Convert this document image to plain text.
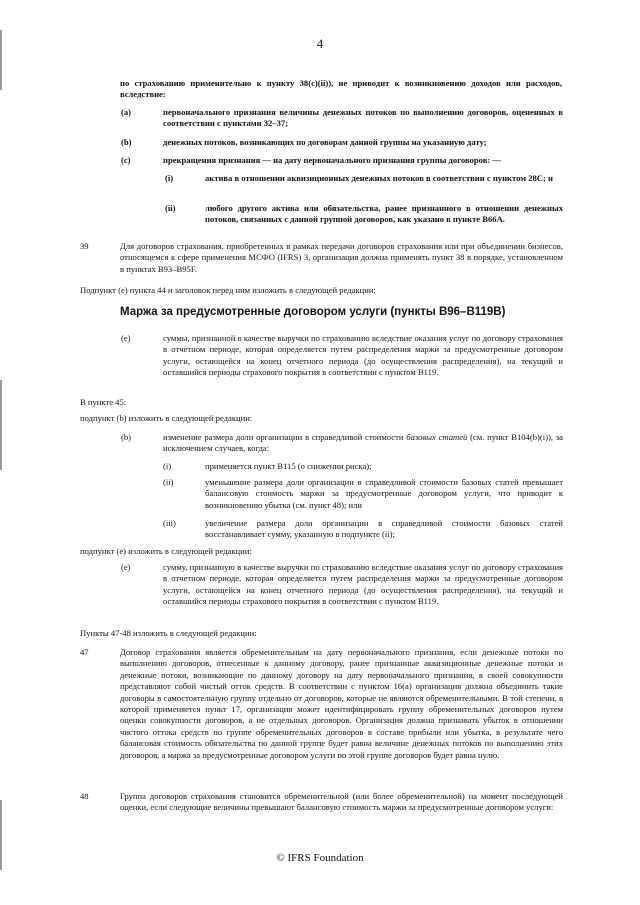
4
по страхованию применительно к пункту 38(c)(ii)), не приводит к возникновению доходов или расходов, вследствие:
(a)	первоначального признания величины денежных потоков по выполнению договоров, оцененных в соответствии с пунктами 32–37;
(b)	денежных потоков, возникающих по договорам данной группы на указанную дату;
(c)	прекращения признания — на дату первоначального признания группы договоров: —
(i)	актива в отношении аквизиционных денежных потоков в соответствии с пунктом 28С; и
(ii)	любого другого актива или обязательства, ранее признанного в отношении денежных потоков, связанных с данной группой договоров, как указано в пункте B66A.
39	Для договоров страхования, приобретенных в рамках передачи договоров страхования или при объединении бизнесов, относящемся к сфере применения МСФО (IFRS) 3, организация должна применять пункт 38 в порядке, установленном в пунктах B93–B95F.
Подпункт (e) пункта 44 и заголовок перед ним изложить в следующей редакции:
Маржа за предусмотренные договором услуги (пункты B96–B119B)
(e)	суммы, признанной в качестве выручки по страхованию вследствие оказания услуг по договору страхования в отчетном периоде, которая определяется путем распределения маржи за предусмотренные договором услуги, остающейся на конец отчетного периода (до осуществления распределения), на текущий и оставшийся периоды страхового покрытия в соответствии с пунктом B119.
В пункте 45:
подпункт (b) изложить в следующей редакции:
(b)	изменение размера доли организации в справедливой стоимости базовых статей (см. пункт B104(b)(i)), за исключением случаев, когда:
(i)	применяется пункт B115 (о снижении риска);
(ii)	уменьшение размера доли организации в справедливой стоимости базовых статей превышает балансовую стоимость маржи за предусмотренные договором услуги, что приводит к возникновению убытка (см. пункт 48); или
(iii)	увеличение размера доли организации в справедливой стоимости базовых статей восстанавливает сумму, указанную в подпункте (ii);
подпункт (e) изложить в следующей редакции:
(e)	сумму, признанную в качестве выручки по страхованию вследствие оказания услуг по договору страхования в отчетном периоде, которая определяется путем распределения маржи за предусмотренные договором услуги, остающейся на конец отчетного периода (до осуществления распределения), на текущий и оставшийся периоды страхового покрытия в соответствии с пунктом B119.
Пункты 47-48 изложить в следующей редакции:
47	Договор страхования является обременительным на дату первоначального признания, если денежные потоки по выполнению договоров, отнесенные к данному договору, ранее признанные аквизиционные денежные потоки и денежные потоки, возникающие по данному договору на дату первоначального признания, в своей совокупности представляют собой чистый отток средств. В соответствии с пунктом 16(a) организация должна объединить такие договоры в самостоятельную группу отдельно от договоров, которые не являются обременительными. В той степени, в которой применяется пункт 17, организация может идентифицировать группу обременительных договоров путем оценки совокупности договоров, а не отдельных договоров. Организация должна признавать убыток в отношении чистого оттока средств по группе обременительных договоров в составе прибыли или убытка, в результате чего балансовая стоимость обязательства по данной группе будет равна величине денежных потоков по выполнению этих договоров, а маржа за предусмотренные договором услуги по этой группе договоров будет равна нулю.
48	Группа договоров страхования становится обременительной (или более обременительной) на момент последующей оценки, если следующие величины превышают балансовую стоимость маржи за предусмотренные договором услуги:
© IFRS Foundation
